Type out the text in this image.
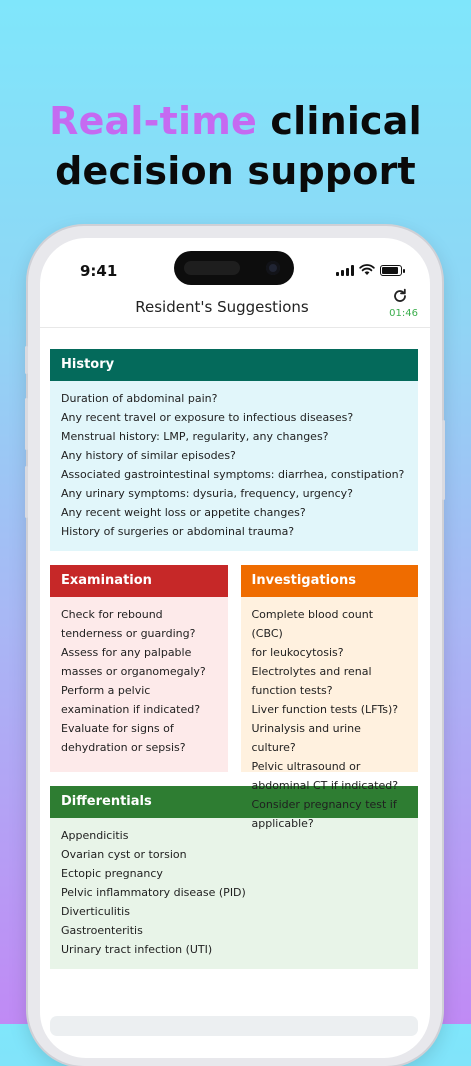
Real-time clinical
decision support
9:41
Resident's Suggestions	01:46
History
Duration of abdominal pain?
Any recent travel or exposure to infectious diseases?
Menstrual history: LMP, regularity, any changes?
Any history of similar episodes?
Associated gastrointestinal symptoms: diarrhea, constipation?
Any urinary symptoms: dysuria, frequency, urgency?
Any recent weight loss or appetite changes?
History of surgeries or abdominal trauma?
Examination
Check for rebound
tenderness or guarding?
Assess for any palpable
masses or organomegaly?
Perform a pelvic
examination if indicated?
Evaluate for signs of
dehydration or sepsis?
Investigations
Complete blood count (CBC)
for leukocytosis?
Electrolytes and renal
function tests?
Liver function tests (LFTs)?
Urinalysis and urine culture?
Pelvic ultrasound or
abdominal CT if indicated?
Consider pregnancy test if
applicable?
Differentials
Appendicitis
Ovarian cyst or torsion
Ectopic pregnancy
Pelvic inflammatory disease (PID)
Diverticulitis
Gastroenteritis
Urinary tract infection (UTI)
